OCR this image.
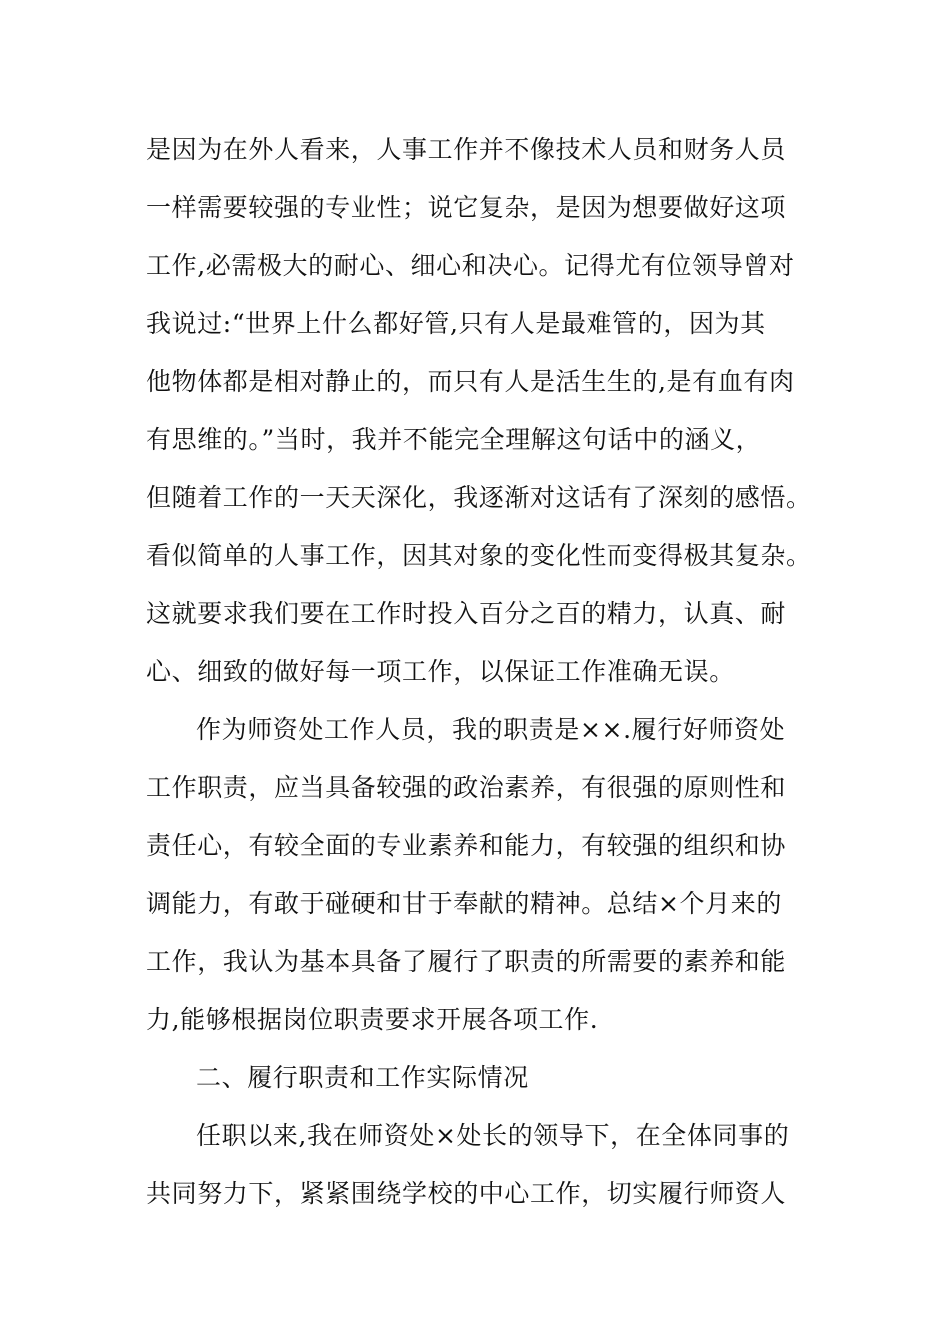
是因为在外人看来，人事工作并不像技术人员和财务人员
一样需要较强的专业性；说它复杂，是因为想要做好这项
工作,必需极大的耐心、细心和决心。记得尤有位领导曾对
我说过:“世界上什么都好管,只有人是最难管的，因为其
他物体都是相对静止的，而只有人是活生生的,是有血有肉
有思维的。”当时，我并不能完全理解这句话中的涵义，
但随着工作的一天天深化，我逐渐对这话有了深刻的感悟。
看似简单的人事工作，因其对象的变化性而变得极其复杂。
这就要求我们要在工作时投入百分之百的精力，认真、耐
心、细致的做好每一项工作，以保证工作准确无误。
作为师资处工作人员，我的职责是××.履行好师资处
工作职责，应当具备较强的政治素养，有很强的原则性和
责任心，有较全面的专业素养和能力，有较强的组织和协
调能力，有敢于碰硬和甘于奉献的精神。总结×个月来的
工作，我认为基本具备了履行了职责的所需要的素养和能
力,能够根据岗位职责要求开展各项工作.
二、履行职责和工作实际情况
任职以来,我在师资处×处长的领导下，在全体同事的
共同努力下，紧紧围绕学校的中心工作，切实履行师资人
